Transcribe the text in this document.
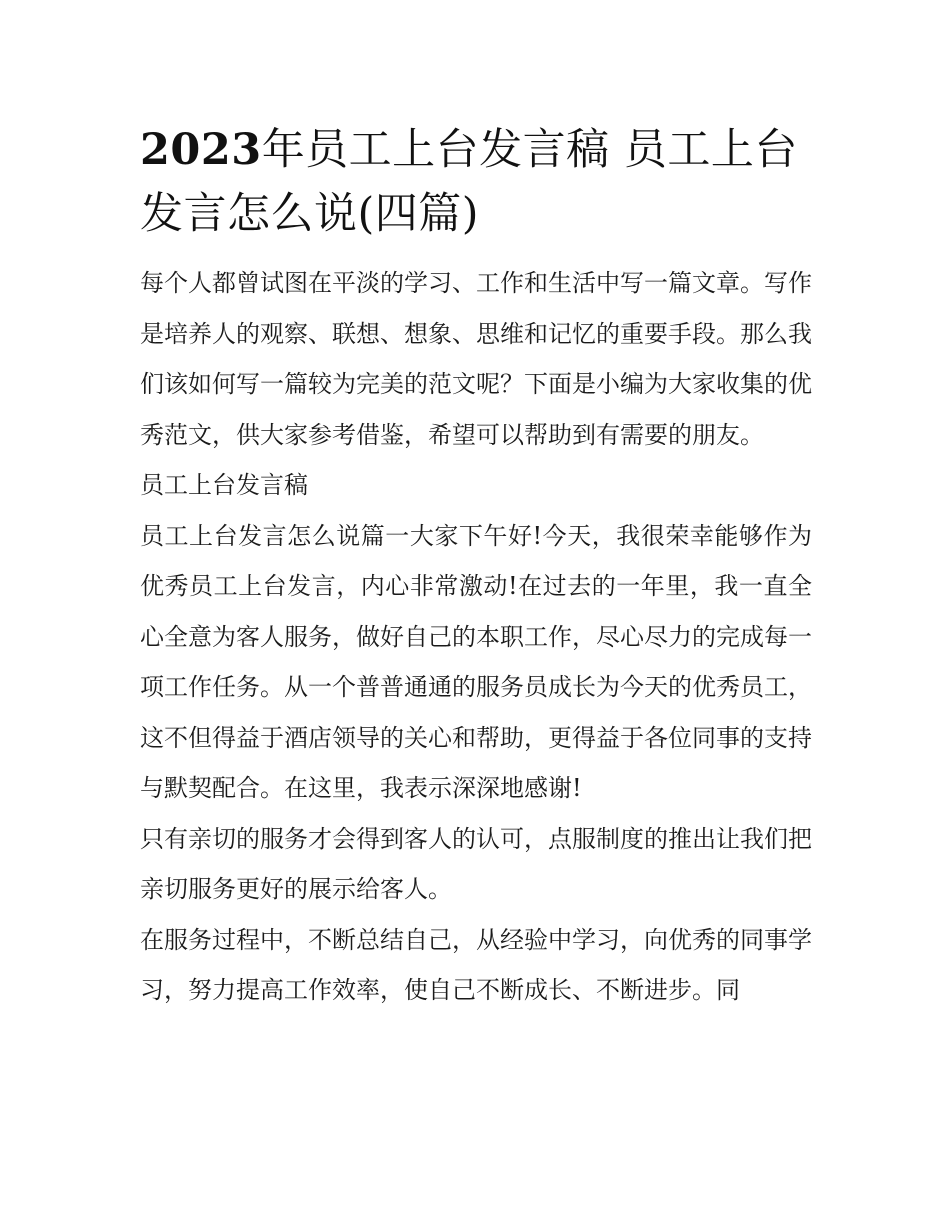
2023年员工上台发言稿 员工上台发言怎么说(四篇)

每个人都曾试图在平淡的学习、工作和生活中写一篇文章。写作是培养人的观察、联想、想象、思维和记忆的重要手段。那么我们该如何写一篇较为完美的范文呢？下面是小编为大家收集的优秀范文，供大家参考借鉴，希望可以帮助到有需要的朋友。

员工上台发言稿

员工上台发言怎么说篇一大家下午好!今天，我很荣幸能够作为优秀员工上台发言，内心非常激动!在过去的一年里，我一直全心全意为客人服务，做好自己的本职工作，尽心尽力的完成每一项工作任务。从一个普普通通的服务员成长为今天的优秀员工，这不但得益于酒店领导的关心和帮助，更得益于各位同事的支持与默契配合。在这里，我表示深深地感谢!

只有亲切的服务才会得到客人的认可，点服制度的推出让我们把亲切服务更好的展示给客人。

在服务过程中，不断总结自己，从经验中学习，向优秀的同事学习，努力提高工作效率，使自己不断成长、不断进步。同
